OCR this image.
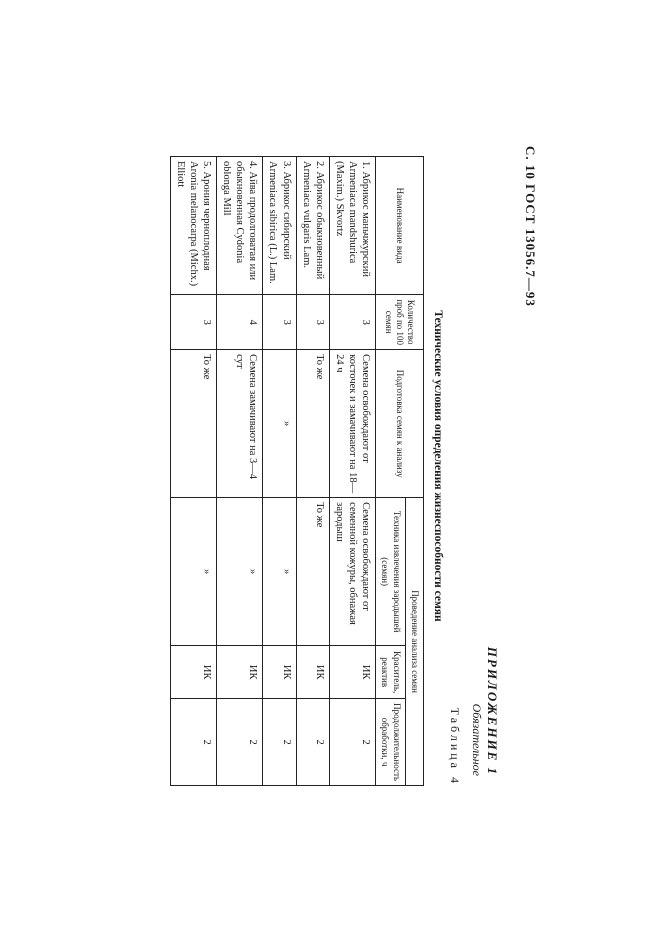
С. 10 ГОСТ 13056.7—93
ПРИЛОЖЕНИЕ 1
Обязательное
Таблица 4
Технические условия определения жизнеспособности семян
Наименование вида	Количество проб по 100 семян	Подготовка семян к анализу	Проведение анализа семян		
			Техника извлечения зародышей (семян)	Краситель, реактив	Продолжительность обработки, ч
1. Абрикос маньчжурский Armeniaca mandshurica (Maxim.) Skvortz	3	Семена освобождают от косточек и замачивают на 18—24 ч	Семена освобождают от семенной кожуры, обнажая зародыш	ИК	2
2. Абрикос обыкновенный Armeniaca vulgaris Lam.	3	То же	То же	ИК	2
3. Абрикос сибирский Armeniaca sibirica (L.) Lam.	3	»	»	ИК	2
4. Айва продолговатая или обыкновенная Cydonia oblonga Mill	4	Семена замачивают на 3—4 сут	»	ИК	2
5. Арония черноплодная Aronia melanocarpa (Michx.) Elliott	3	То же	»	ИК	2
